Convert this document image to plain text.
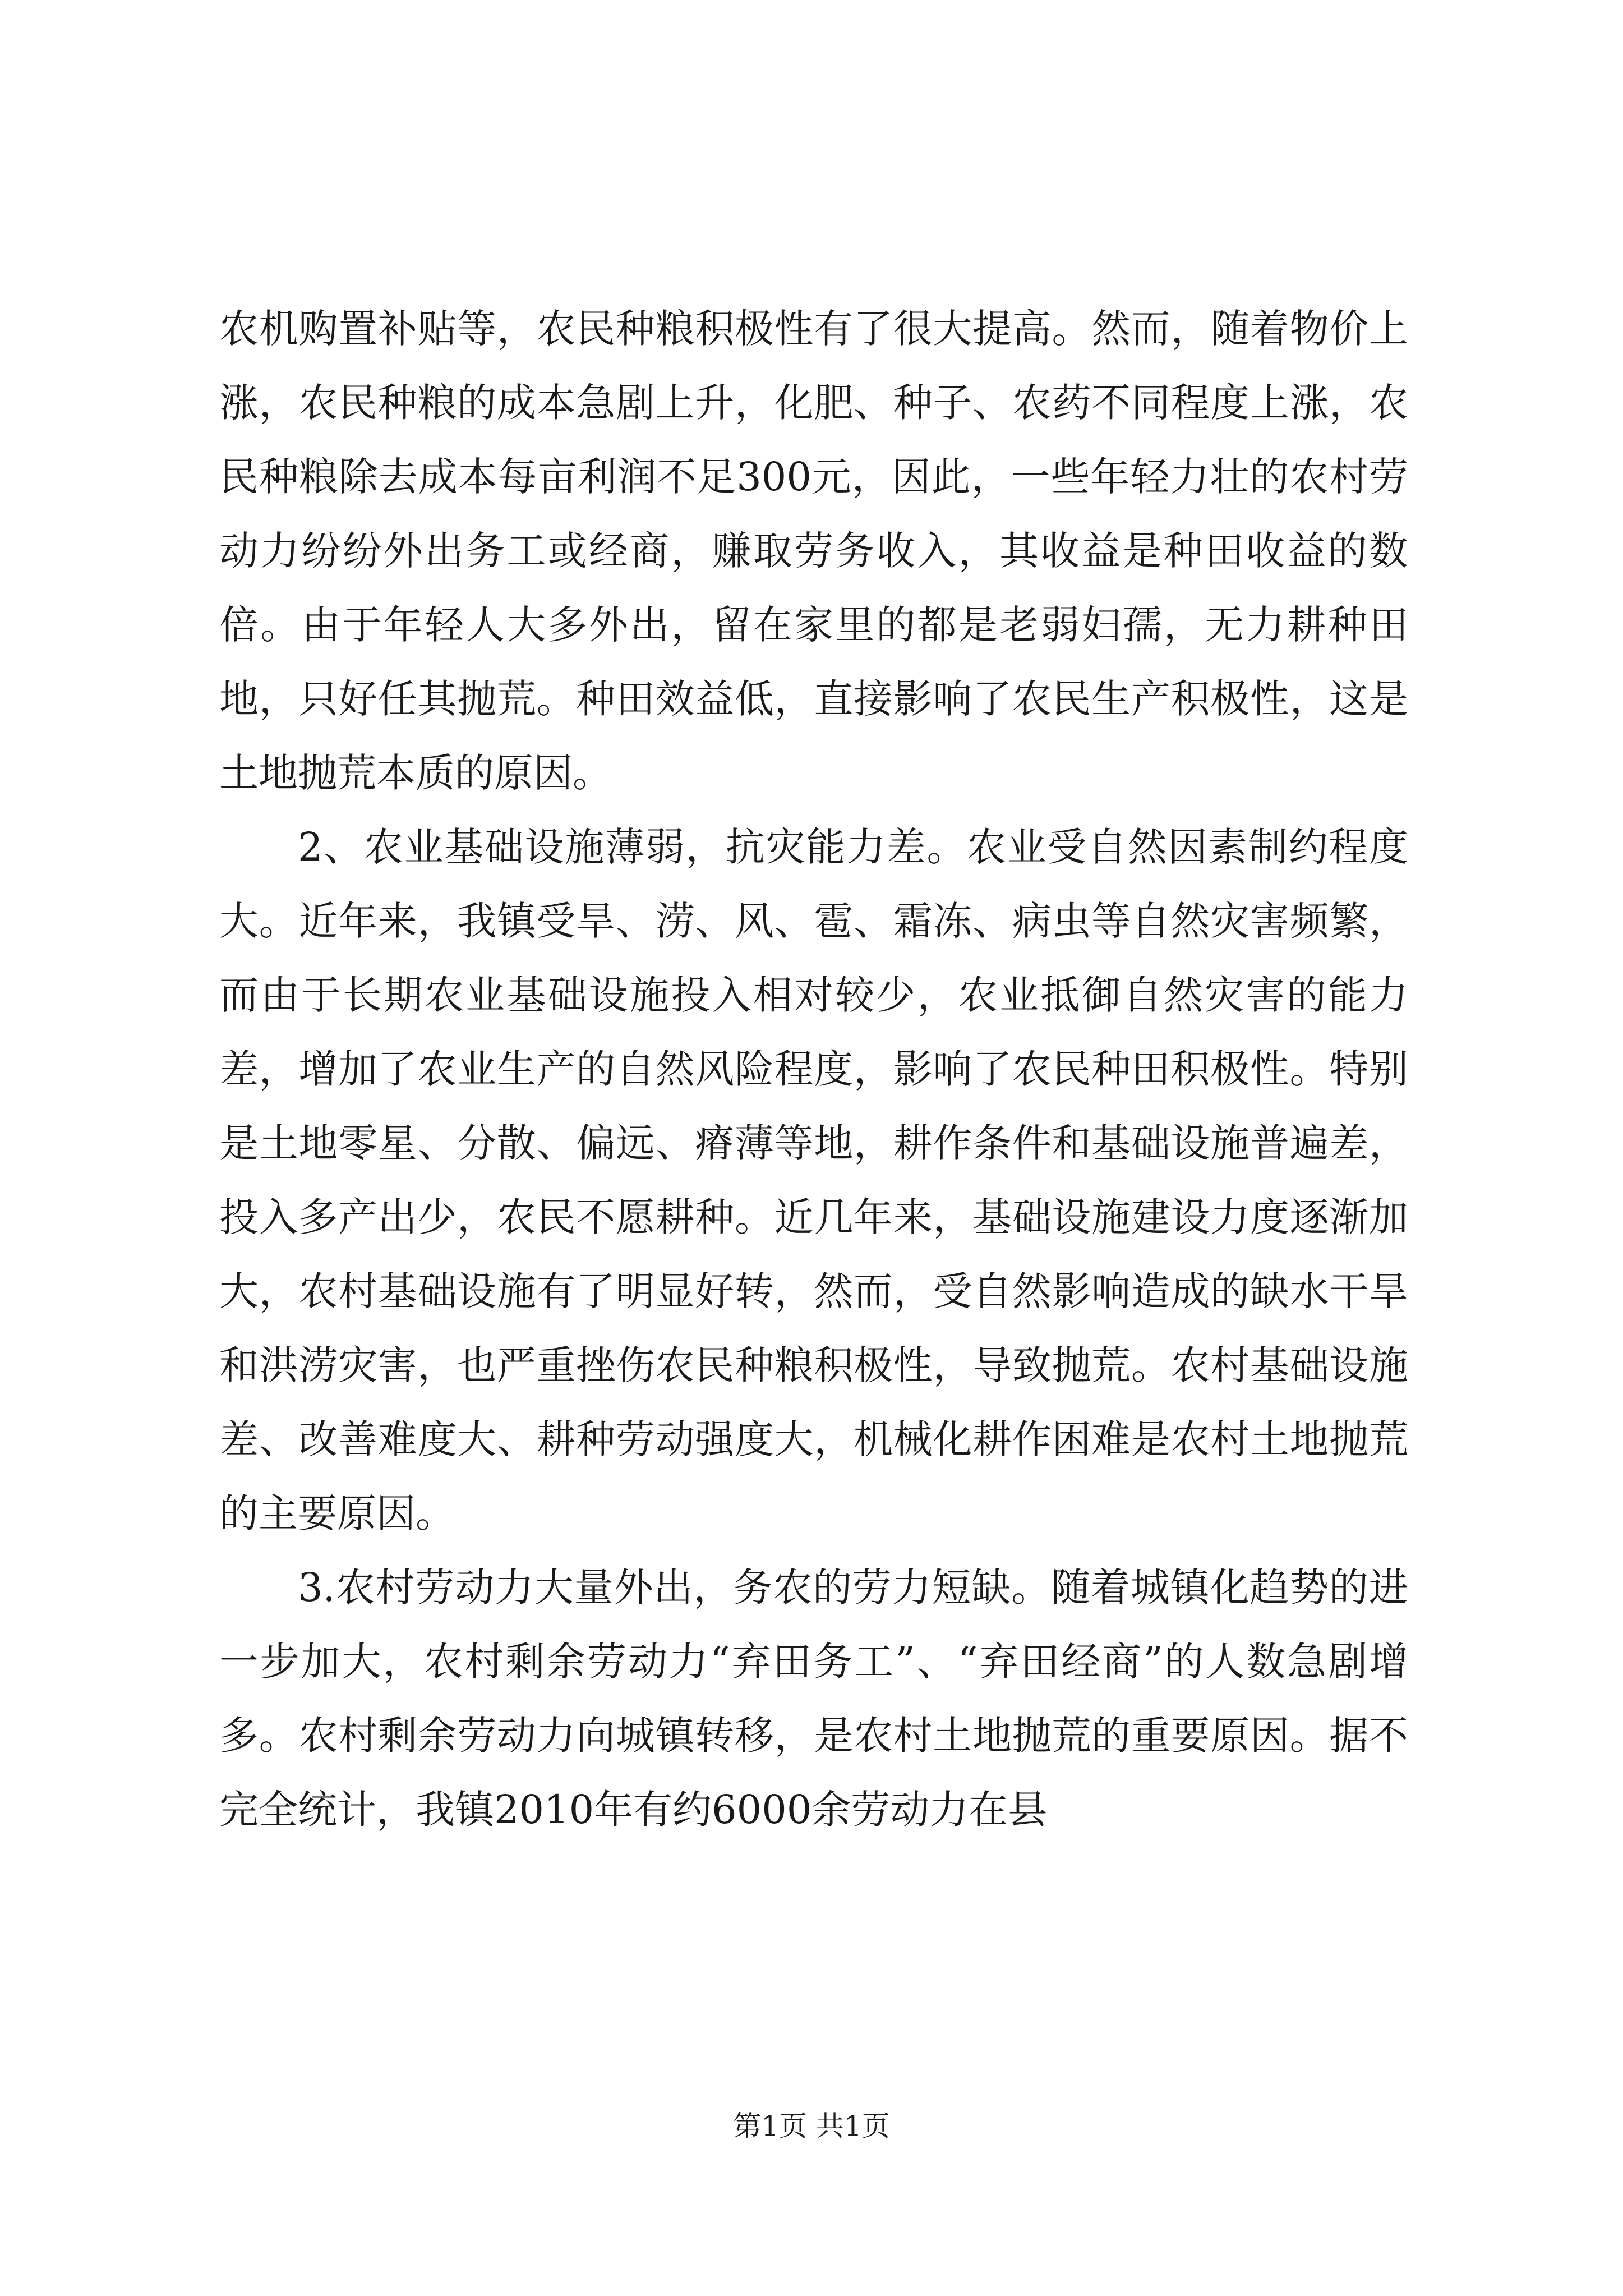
农机购置补贴等，农民种粮积极性有了很大提高。然而，随着物价上涨，农民种粮的成本急剧上升，化肥、种子、农药不同程度上涨，农民种粮除去成本每亩利润不足300元，因此，一些年轻力壮的农村劳动力纷纷外出务工或经商，赚取劳务收入，其收益是种田收益的数倍。由于年轻人大多外出，留在家里的都是老弱妇孺，无力耕种田地，只好任其抛荒。种田效益低，直接影响了农民生产积极性，这是土地抛荒本质的原因。

2、农业基础设施薄弱，抗灾能力差。农业受自然因素制约程度大。近年来，我镇受旱、涝、风、雹、霜冻、病虫等自然灾害频繁，而由于长期农业基础设施投入相对较少，农业抵御自然灾害的能力差，增加了农业生产的自然风险程度，影响了农民种田积极性。特别是土地零星、分散、偏远、瘠薄等地，耕作条件和基础设施普遍差，投入多产出少，农民不愿耕种。近几年来，基础设施建设力度逐渐加大，农村基础设施有了明显好转，然而，受自然影响造成的缺水干旱和洪涝灾害，也严重挫伤农民种粮积极性，导致抛荒。农村基础设施差、改善难度大、耕种劳动强度大，机械化耕作困难是农村土地抛荒的主要原因。

3.农村劳动力大量外出，务农的劳力短缺。随着城镇化趋势的进一步加大，农村剩余劳动力“弃田务工”、“弃田经商”的人数急剧增多。农村剩余劳动力向城镇转移，是农村土地抛荒的重要原因。据不完全统计，我镇2010年有约6000余劳动力在县

第1页 共1页
